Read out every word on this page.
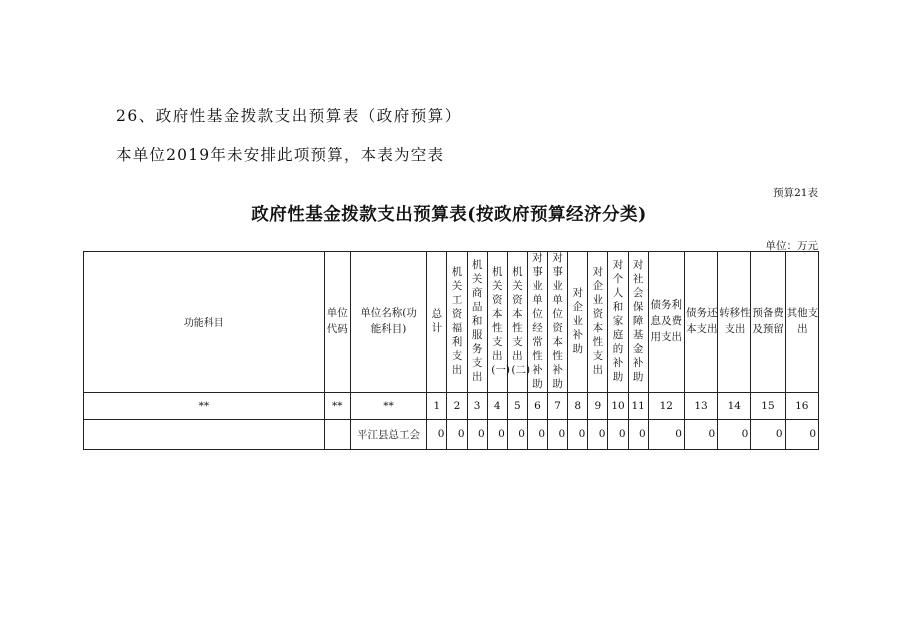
26、政府性基金拨款支出预算表（政府预算）
本单位2019年未安排此项预算，本表为空表
预算21表
政府性基金拨款支出预算表(按政府预算经济分类)
单位：万元
功能科目	单位代码	单位名称(功能科目)	总计	机关工资福利支出	机关商品和服务支出	机关资本性支出(一)	机关资本性支出(二)	对事业单位经常性补助	对事业单位资本性补助	对企业补助	对企业资本性支出	对个人和家庭的补助	对社会保障基金补助	债务利息及费用支出	债务还本支出	转移性支出	预备费及预留	其他支出
**	**	**	1	2	3	4	5	6	7	8	9	10	11	12	13	14	15	16
		平江县总工会	0	0	0	0	0	0	0	0	0	0	0	0	0	0	0	0
